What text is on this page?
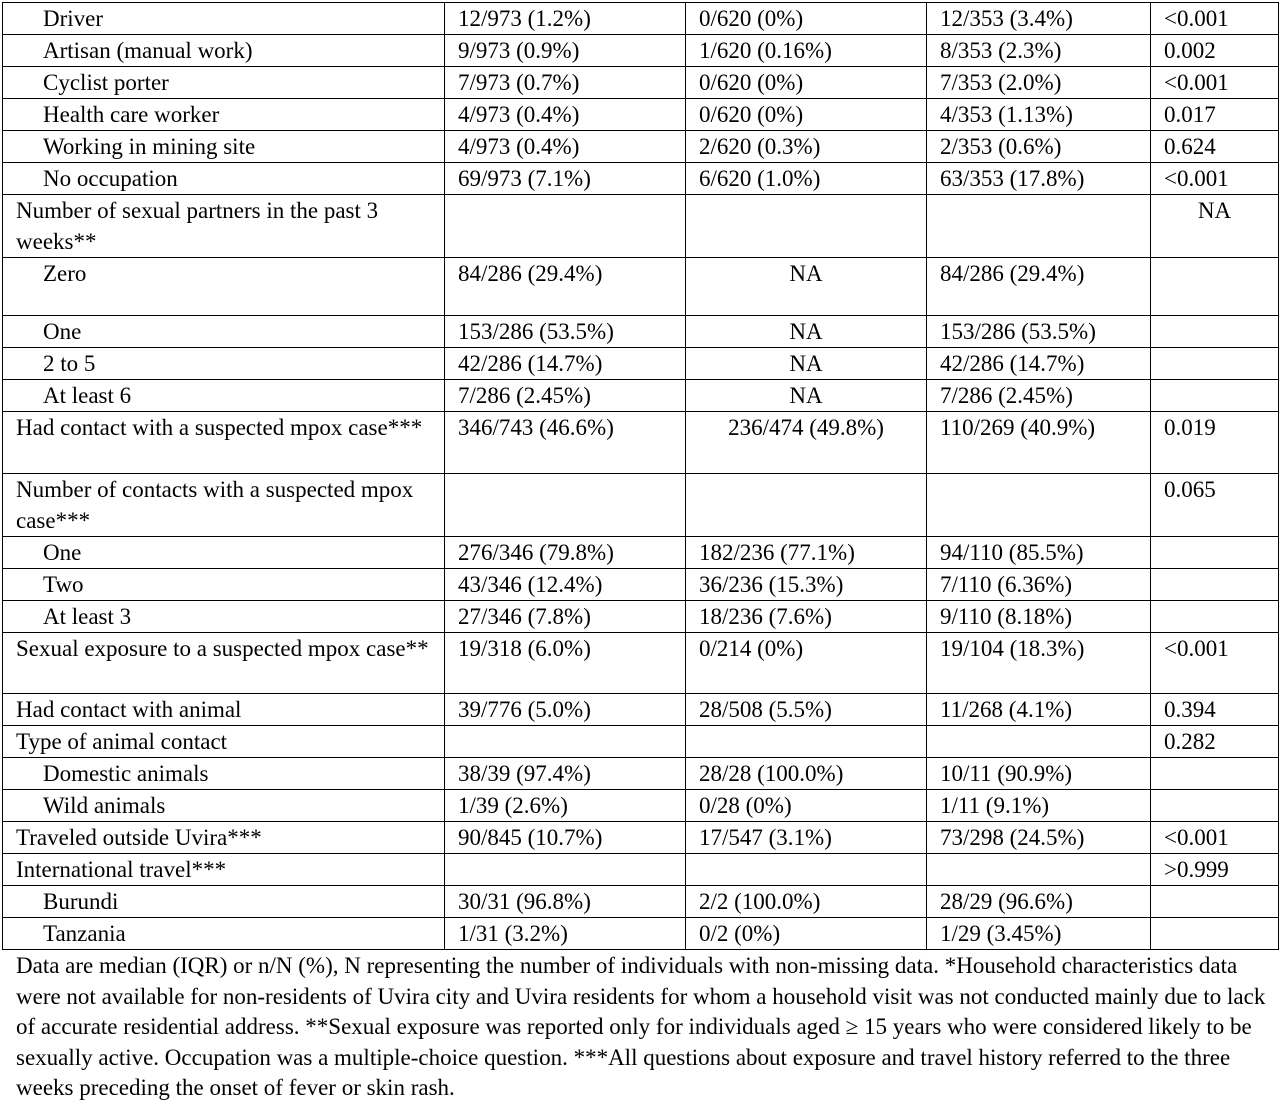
Driver	12/973 (1.2%)	0/620 (0%)	12/353 (3.4%)	<0.001
Artisan (manual work)	9/973 (0.9%)	1/620 (0.16%)	8/353 (2.3%)	0.002
Cyclist porter	7/973 (0.7%)	0/620 (0%)	7/353 (2.0%)	<0.001
Health care worker	4/973 (0.4%)	0/620 (0%)	4/353 (1.13%)	0.017
Working in mining site	4/973 (0.4%)	2/620 (0.3%)	2/353 (0.6%)	0.624
No occupation	69/973 (7.1%)	6/620 (1.0%)	63/353 (17.8%)	<0.001
Number of sexual partners in the past 3 weeks**				NA
Zero	84/286 (29.4%)	NA	84/286 (29.4%)	
One	153/286 (53.5%)	NA	153/286 (53.5%)	
2 to 5	42/286 (14.7%)	NA	42/286 (14.7%)	
At least 6	7/286 (2.45%)	NA	7/286 (2.45%)	
Had contact with a suspected mpox case***	346/743 (46.6%)	236/474 (49.8%)	110/269 (40.9%)	0.019
Number of contacts with a suspected mpox case***				0.065
One	276/346 (79.8%)	182/236 (77.1%)	94/110 (85.5%)	
Two	43/346 (12.4%)	36/236 (15.3%)	7/110 (6.36%)	
At least 3	27/346 (7.8%)	18/236 (7.6%)	9/110 (8.18%)	
Sexual exposure to a suspected mpox case**	19/318 (6.0%)	0/214 (0%)	19/104 (18.3%)	<0.001
Had contact with animal	39/776 (5.0%)	28/508 (5.5%)	11/268 (4.1%)	0.394
Type of animal contact				0.282
Domestic animals	38/39 (97.4%)	28/28 (100.0%)	10/11 (90.9%)	
Wild animals	1/39 (2.6%)	0/28 (0%)	1/11 (9.1%)	
Traveled outside Uvira***	90/845 (10.7%)	17/547 (3.1%)	73/298 (24.5%)	<0.001
International travel***				>0.999
Burundi	30/31 (96.8%)	2/2 (100.0%)	28/29 (96.6%)	
Tanzania	1/31 (3.2%)	0/2 (0%)	1/29 (3.45%)	

Data are median (IQR) or n/N (%), N representing the number of individuals with non-missing data. *Household characteristics data were not available for non-residents of Uvira city and Uvira residents for whom a household visit was not conducted mainly due to lack of accurate residential address. **Sexual exposure was reported only for individuals aged ≥ 15 years who were considered likely to be sexually active. Occupation was a multiple-choice question. ***All questions about exposure and travel history referred to the three weeks preceding the onset of fever or skin rash.
